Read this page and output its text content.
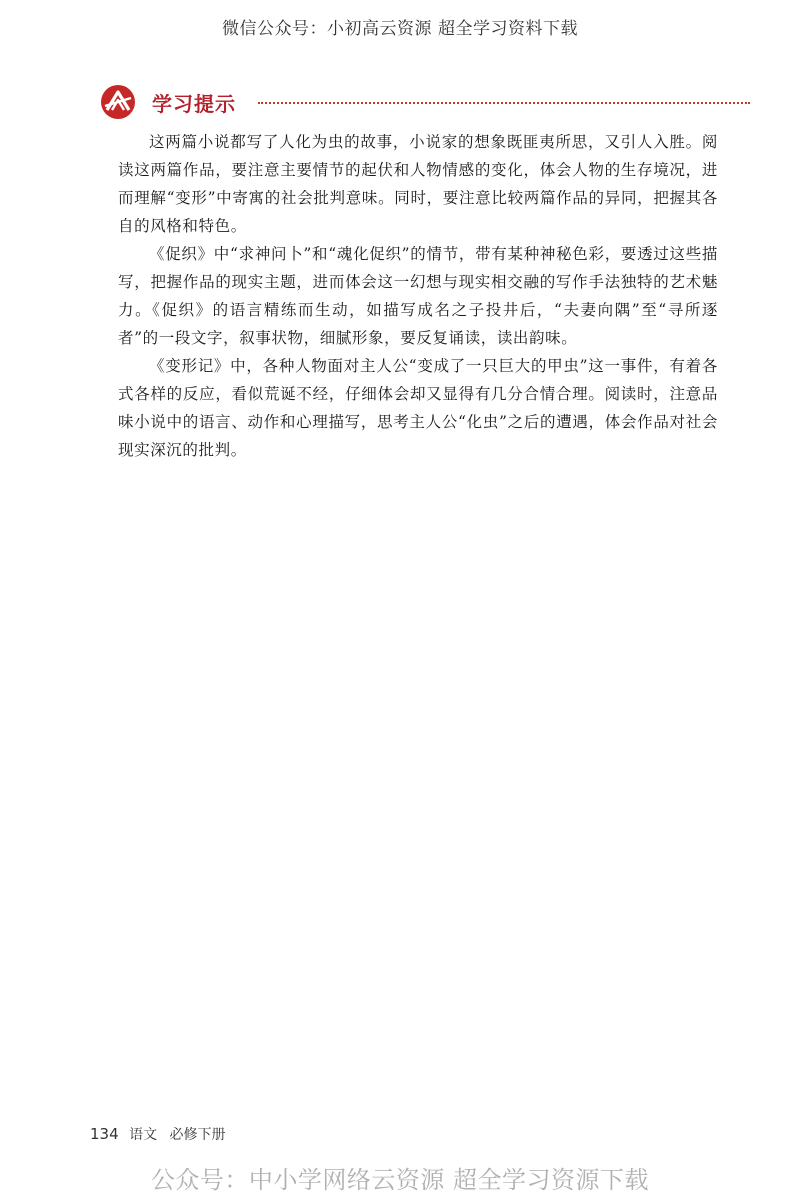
微信公众号：小初高云资源 超全学习资料下载
学习提示

这两篇小说都写了人化为虫的故事，小说家的想象既匪夷所思，又引人入胜。阅读这两篇作品，要注意主要情节的起伏和人物情感的变化，体会人物的生存境况，进而理解“变形”中寄寓的社会批判意味。同时，要注意比较两篇作品的异同，把握其各自的风格和特色。

《促织》中“求神问卜”和“魂化促织”的情节，带有某种神秘色彩，要透过这些描写，把握作品的现实主题，进而体会这一幻想与现实相交融的写作手法独特的艺术魅力。《促织》的语言精练而生动，如描写成名之子投井后，“夫妻向隅”至“寻所逐者”的一段文字，叙事状物，细腻形象，要反复诵读，读出韵味。

《变形记》中，各种人物面对主人公“变成了一只巨大的甲虫”这一事件，有着各式各样的反应，看似荒诞不经，仔细体会却又显得有几分合情合理。阅读时，注意品味小说中的语言、动作和心理描写，思考主人公“化虫”之后的遭遇，体会作品对社会现实深沉的批判。

134 语文 必修下册
公众号：中小学网络云资源 超全学习资源下载
